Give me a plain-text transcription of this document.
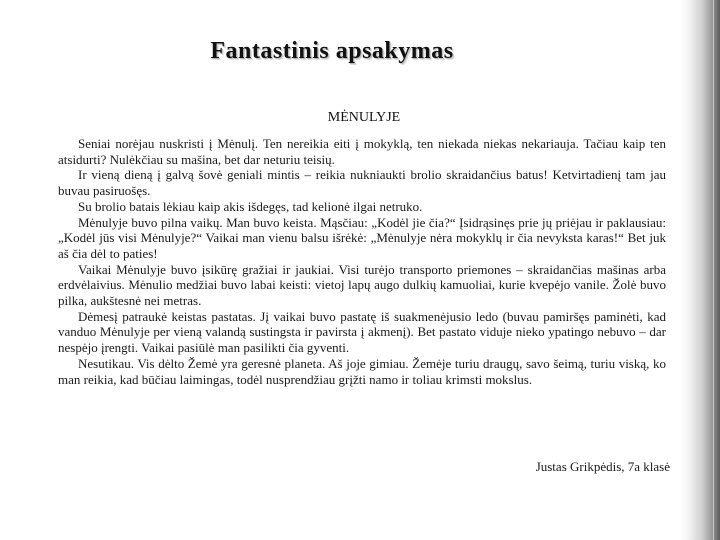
Fantastinis apsakymas
MĖNULYJE

Seniai norėjau nuskristi į Mėnulį. Ten nereikia eiti į mokyklą, ten niekada niekas nekariauja. Tačiau kaip ten atsidurti? Nulėkčiau su mašina, bet dar neturiu teisių.

Ir vieną dieną į galvą šovė geniali mintis – reikia nukniaukti brolio skraidančius batus! Ketvirtadienį tam jau buvau pasiruošęs.

Su brolio batais lėkiau kaip akis išdegęs, tad kelionė ilgai netruko.

Mėnulyje buvo pilna vaikų. Man buvo keista. Mąsčiau: „Kodėl jie čia?“ Įsidrąsinęs prie jų priėjau ir paklausiau: „Kodėl jūs visi Mėnulyje?“ Vaikai man vienu balsu išrėkė: „Mėnulyje nėra mokyklų ir čia nevyksta karas!“ Bet juk aš čia dėl to paties!

Vaikai Mėnulyje buvo įsikūrę gražiai ir jaukiai. Visi turėjo transporto priemones – skraidančias mašinas arba erdvėlaivius. Mėnulio medžiai buvo labai keisti: vietoj lapų augo dulkių kamuoliai, kurie kvepėjo vanile. Žolė buvo pilka, aukštesnė nei metras.

Dėmesį patraukė keistas pastatas. Jį vaikai buvo pastatę iš suakmenėjusio ledo (buvau pamiršęs paminėti, kad vanduo Mėnulyje per vieną valandą sustingsta ir pavirsta į akmenį). Bet pastato viduje nieko ypatingo nebuvo – dar nespėjo įrengti. Vaikai pasiūlė man pasilikti čia gyventi.

Nesutikau. Vis dėlto Žemė yra geresnė planeta. Aš joje gimiau. Žemėje turiu draugų, savo šeimą, turiu viską, ko man reikia, kad būčiau laimingas, todėl nusprendžiau grįžti namo ir toliau krimsti mokslus.

Justas Grikpėdis, 7a klasė
